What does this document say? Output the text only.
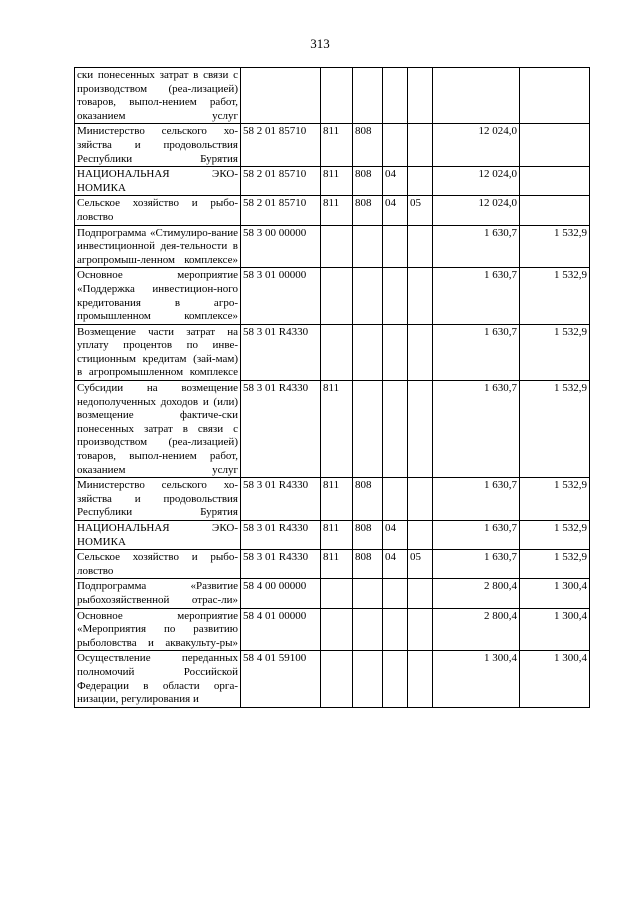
313
ски понесенных затрат в связи с производством (реа-лизацией) товаров, выпол-нением работ, оказанием услуг							
Министерство сельского хо-зяйства и продовольствия Республики Бурятия	58 2 01 85710	811	808			12 024,0	
НАЦИОНАЛЬНАЯ ЭКО-НОМИКА	58 2 01 85710	811	808	04		12 024,0	
Сельское хозяйство и рыбо-ловство	58 2 01 85710	811	808	04	05	12 024,0	
Подпрограмма «Стимулиро-вание инвестиционной дея-тельности в агропромыш-ленном комплексе»	58 3 00 00000					1 630,7	1 532,9
Основное мероприятие «Поддержка инвестицион-ного кредитования в агро-промышленном комплексе»	58 3 01 00000					1 630,7	1 532,9
Возмещение части затрат на уплату процентов по инве-стиционным кредитам (зай-мам) в агропромышленном комплексе	58 3 01 R4330					1 630,7	1 532,9
Субсидии на возмещение недополученных доходов и (или) возмещение фактиче-ски понесенных затрат в связи с производством (реа-лизацией) товаров, выпол-нением работ, оказанием услуг	58 3 01 R4330	811				1 630,7	1 532,9
Министерство сельского хо-зяйства и продовольствия Республики Бурятия	58 3 01 R4330	811	808			1 630,7	1 532,9
НАЦИОНАЛЬНАЯ ЭКО-НОМИКА	58 3 01 R4330	811	808	04		1 630,7	1 532,9
Сельское хозяйство и рыбо-ловство	58 3 01 R4330	811	808	04	05	1 630,7	1 532,9
Подпрограмма «Развитие рыбохозяйственной отрас-ли»	58 4 00 00000					2 800,4	1 300,4
Основное мероприятие «Мероприятия по развитию рыболовства и аквакульту-ры»	58 4 01 00000					2 800,4	1 300,4
Осуществление переданных полномочий Российской Федерации в области орга-низации, регулирования и	58 4 01 59100					1 300,4	1 300,4
